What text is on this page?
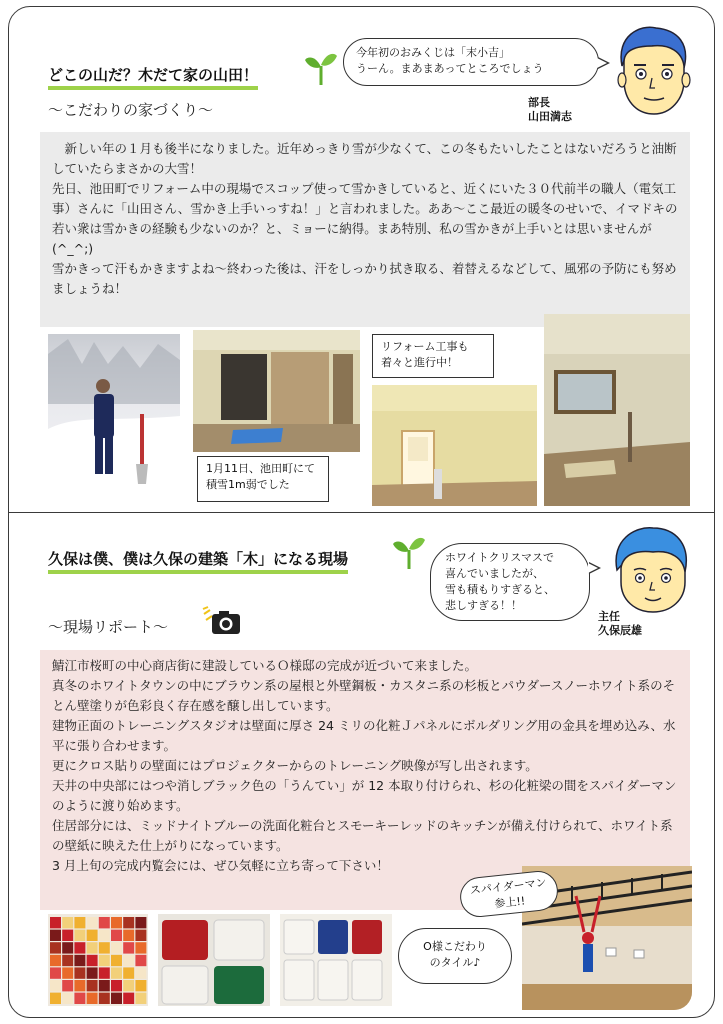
どこの山だ？木だて家の山田！
～こだわりの家づくり～
今年初のおみくじは「末小吉」
うーん。まあまあってところでしょう
部長
山田満志

　新しい年の１月も後半になりました。近年めっきり雪が少なくて、この冬もたいしたことはないだろうと油断していたらまさかの大雪！

先日、池田町でリフォーム中の現場でスコップ使って雪かきしていると、近くにいた３０代前半の職人（電気工事）さんに「山田さん、雪かき上手いっすね！」と言われました。ああ～ここ最近の暖冬のせいで、イマドキの若い衆は雪かきの経験も少ないのか？と、ミョーに納得。まあ特別、私の雪かきが上手いとは思いませんが(^_^;)

雪かきって汗もかきますよね～終わった後は、汗をしっかり拭き取る、着替えるなどして、風邪の予防にも努めましょうね！

1月11日、池田町にて
積雪1m弱でした
リフォーム工事も
着々と進行中！
久保は僕、僕は久保の建築「木」になる現場
～現場リポート～
ホワイトクリスマスで
喜んでいましたが、
雪も積もりすぎると、
悲しすぎる！！
主任
久保辰雄

鯖江市桜町の中心商店街に建設しているＯ様邸の完成が近づいて来ました。

真冬のホワイトタウンの中にブラウン系の屋根と外壁鋼板・カスタニ系の杉板とパウダースノーホワイト系のそとん壁塗りが色彩良く存在感を醸し出しています。

建物正面のトレーニングスタジオは壁面に厚さ 24 ミリの化粧Ｊパネルにボルダリング用の金具を埋め込み、水平に張り合わせます。

更にクロス貼りの壁面にはプロジェクターからのトレーニング映像が写し出されます。

天井の中央部にはつや消しブラック色の「うんてい」が 12 本取り付けられ、杉の化粧梁の間をスパイダーマンのように渡り始めます。

住居部分には、ミッドナイトブルーの洗面化粧台とスモーキーレッドのキッチンが備え付けられて、ホワイト系の壁紙に映えた仕上がりになっています。

3 月上旬の完成内覧会には、ぜひ気軽に立ち寄って下さい！

O様こだわり
のタイル♪
スパイダーマン
参上!!
